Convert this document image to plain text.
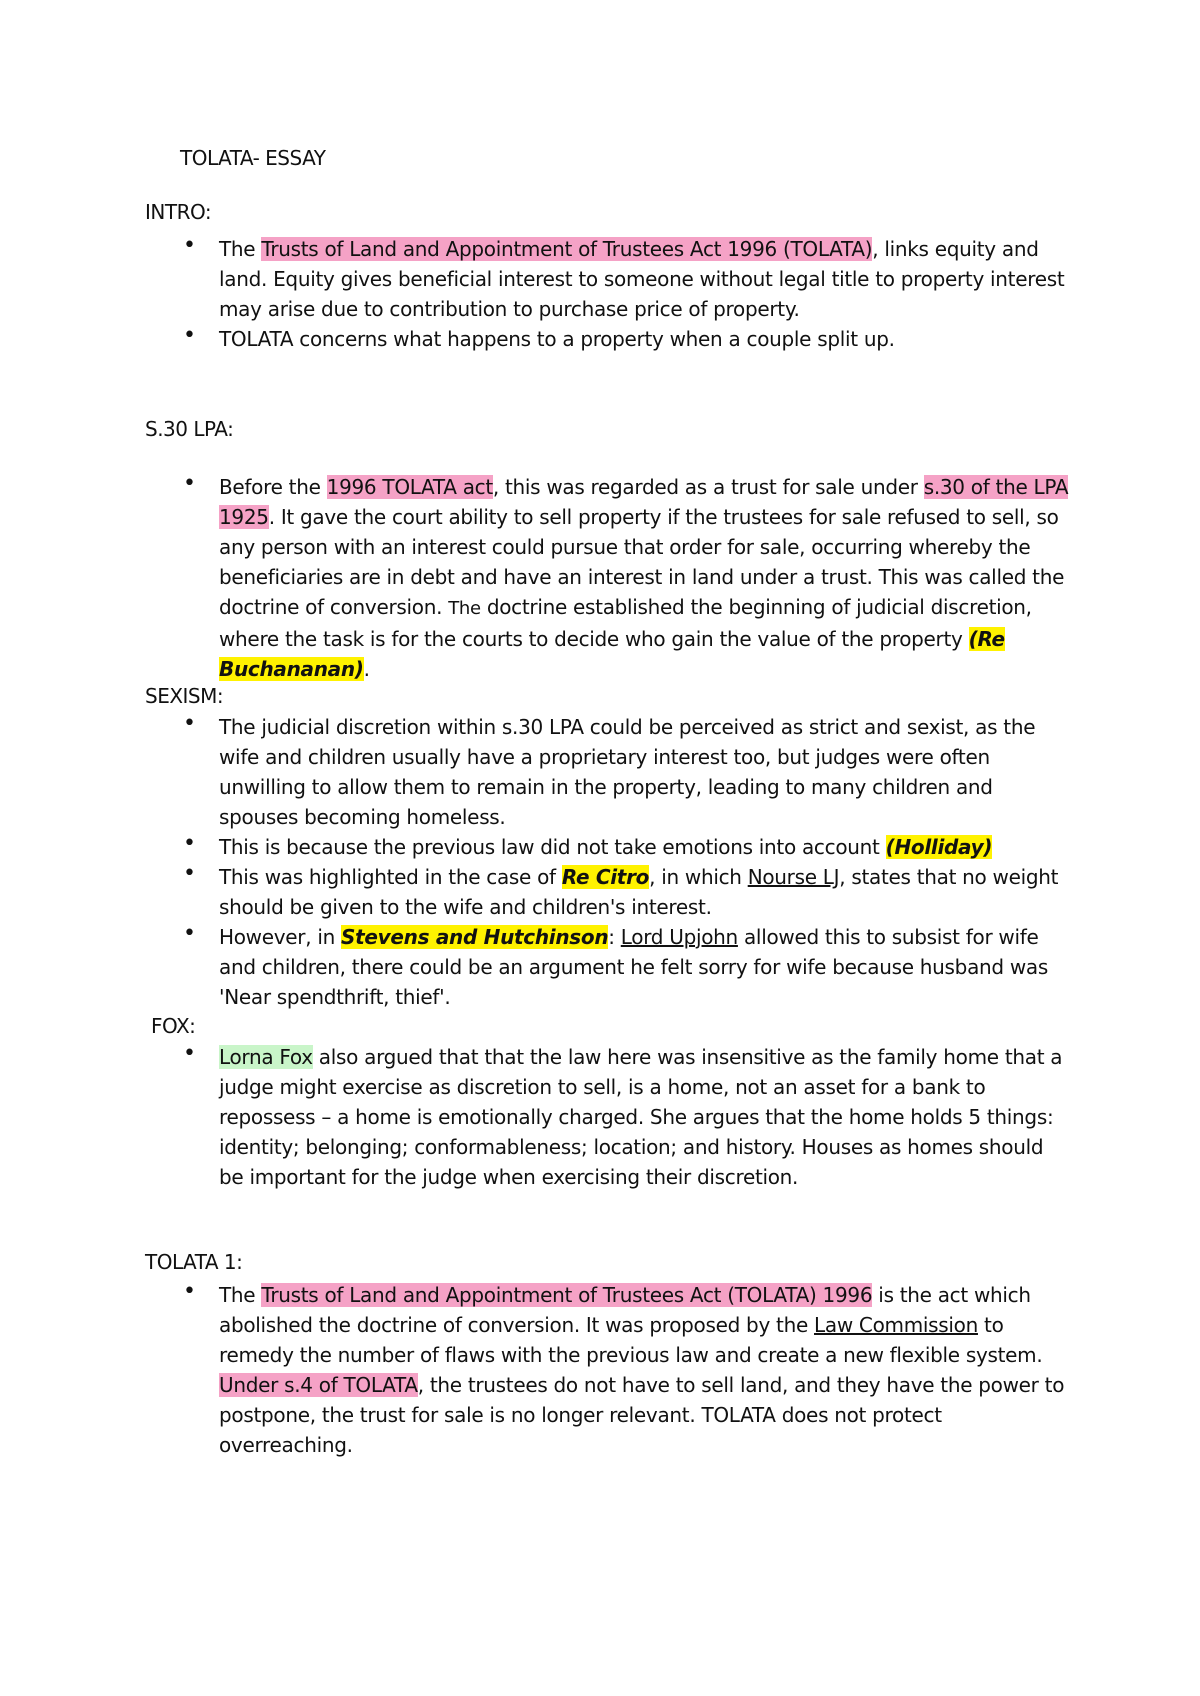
TOLATA- ESSAY
INTRO:
• The Trusts of Land and Appointment of Trustees Act 1996 (TOLATA), links equity and land. Equity gives beneficial interest to someone without legal title to property interest may arise due to contribution to purchase price of property.
• TOLATA concerns what happens to a property when a couple split up.
S.30 LPA:
• Before the 1996 TOLATA act, this was regarded as a trust for sale under s.30 of the LPA 1925. It gave the court ability to sell property if the trustees for sale refused to sell, so any person with an interest could pursue that order for sale, occurring whereby the beneficiaries are in debt and have an interest in land under a trust. This was called the doctrine of conversion. The doctrine established the beginning of judicial discretion, where the task is for the courts to decide who gain the value of the property (Re Buchananan).
SEXISM:
• The judicial discretion within s.30 LPA could be perceived as strict and sexist, as the wife and children usually have a proprietary interest too, but judges were often unwilling to allow them to remain in the property, leading to many children and spouses becoming homeless.
• This is because the previous law did not take emotions into account (Holliday)
• This was highlighted in the case of Re Citro, in which Nourse LJ, states that no weight should be given to the wife and children's interest.
• However, in Stevens and Hutchinson: Lord Upjohn allowed this to subsist for wife and children, there could be an argument he felt sorry for wife because husband was 'Near spendthrift, thief'.
FOX:
• Lorna Fox also argued that that the law here was insensitive as the family home that a judge might exercise as discretion to sell, is a home, not an asset for a bank to repossess – a home is emotionally charged. She argues that the home holds 5 things: identity; belonging; conformableness; location; and history. Houses as homes should be important for the judge when exercising their discretion.
TOLATA 1:
• The Trusts of Land and Appointment of Trustees Act (TOLATA) 1996 is the act which abolished the doctrine of conversion. It was proposed by the Law Commission to remedy the number of flaws with the previous law and create a new flexible system. Under s.4 of TOLATA, the trustees do not have to sell land, and they have the power to postpone, the trust for sale is no longer relevant. TOLATA does not protect overreaching.
